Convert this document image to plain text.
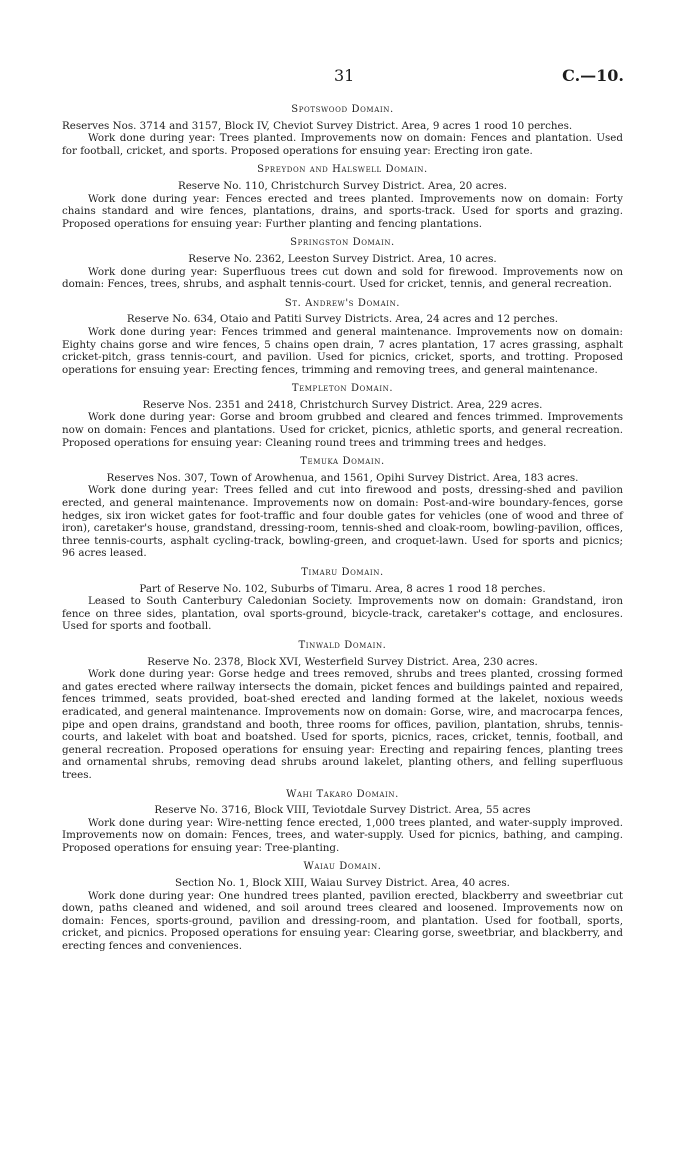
31	C.—10.
Spotswood Domain.

Reserves Nos. 3714 and 3157, Block IV, Cheviot Survey District. Area, 9 acres 1 rood 10 perches.

Work done during year: Trees planted. Improvements now on domain: Fences and plantation. Used for football, cricket, and sports. Proposed operations for ensuing year: Erecting iron gate.

Spreydon and Halswell Domain.

Reserve No. 110, Christchurch Survey District. Area, 20 acres.

Work done during year: Fences erected and trees planted. Improvements now on domain: Forty chains standard and wire fences, plantations, drains, and sports-track. Used for sports and grazing. Proposed operations for ensuing year: Further planting and fencing plantations.

Springston Domain.

Reserve No. 2362, Leeston Survey District. Area, 10 acres.

Work done during year: Superfluous trees cut down and sold for firewood. Improvements now on domain: Fences, trees, shrubs, and asphalt tennis-court. Used for cricket, tennis, and general recreation.

St. Andrew's Domain.

Reserve No. 634, Otaio and Patiti Survey Districts. Area, 24 acres and 12 perches.

Work done during year: Fences trimmed and general maintenance. Improvements now on domain: Eighty chains gorse and wire fences, 5 chains open drain, 7 acres plantation, 17 acres grassing, asphalt cricket-pitch, grass tennis-court, and pavilion. Used for picnics, cricket, sports, and trotting. Proposed operations for ensuing year: Erecting fences, trimming and removing trees, and general maintenance.

Templeton Domain.

Reserve Nos. 2351 and 2418, Christchurch Survey District. Area, 229 acres.

Work done during year: Gorse and broom grubbed and cleared and fences trimmed. Improvements now on domain: Fences and plantations. Used for cricket, picnics, athletic sports, and general recreation. Proposed operations for ensuing year: Cleaning round trees and trimming trees and hedges.

Temuka Domain.

Reserves Nos. 307, Town of Arowhenua, and 1561, Opihi Survey District. Area, 183 acres.

Work done during year: Trees felled and cut into firewood and posts, dressing-shed and pavilion erected, and general maintenance. Improvements now on domain: Post-and-wire boundary-fences, gorse hedges, six iron wicket gates for foot-traffic and four double gates for vehicles (one of wood and three of iron), caretaker's house, grandstand, dressing-room, tennis-shed and cloak-room, bowling-pavilion, offices, three tennis-courts, asphalt cycling-track, bowling-green, and croquet-lawn. Used for sports and picnics; 96 acres leased.

Timaru Domain.

Part of Reserve No. 102, Suburbs of Timaru. Area, 8 acres 1 rood 18 perches.

Leased to South Canterbury Caledonian Society. Improvements now on domain: Grandstand, iron fence on three sides, plantation, oval sports-ground, bicycle-track, caretaker's cottage, and enclosures. Used for sports and football.

Tinwald Domain.

Reserve No. 2378, Block XVI, Westerfield Survey District. Area, 230 acres.

Work done during year: Gorse hedge and trees removed, shrubs and trees planted, crossing formed and gates erected where railway intersects the domain, picket fences and buildings painted and repaired, fences trimmed, seats provided, boat-shed erected and landing formed at the lakelet, noxious weeds eradicated, and general maintenance. Improvements now on domain: Gorse, wire, and macrocarpa fences, pipe and open drains, grandstand and booth, three rooms for offices, pavilion, plantation, shrubs, tennis-courts, and lakelet with boat and boatshed. Used for sports, picnics, races, cricket, tennis, football, and general recreation. Proposed operations for ensuing year: Erecting and repairing fences, planting trees and ornamental shrubs, removing dead shrubs around lakelet, planting others, and felling superfluous trees.

Wahi Takaro Domain.

Reserve No. 3716, Block VIII, Teviotdale Survey District. Area, 55 acres

Work done during year: Wire-netting fence erected, 1,000 trees planted, and water-supply improved. Improvements now on domain: Fences, trees, and water-supply. Used for picnics, bathing, and camping. Proposed operations for ensuing year: Tree-planting.

Waiau Domain.

Section No. 1, Block XIII, Waiau Survey District. Area, 40 acres.

Work done during year: One hundred trees planted, pavilion erected, blackberry and sweetbriar cut down, paths cleaned and widened, and soil around trees cleared and loosened. Improvements now on domain: Fences, sports-ground, pavilion and dressing-room, and plantation. Used for football, sports, cricket, and picnics. Proposed operations for ensuing year: Clearing gorse, sweetbriar, and blackberry, and erecting fences and conveniences.
